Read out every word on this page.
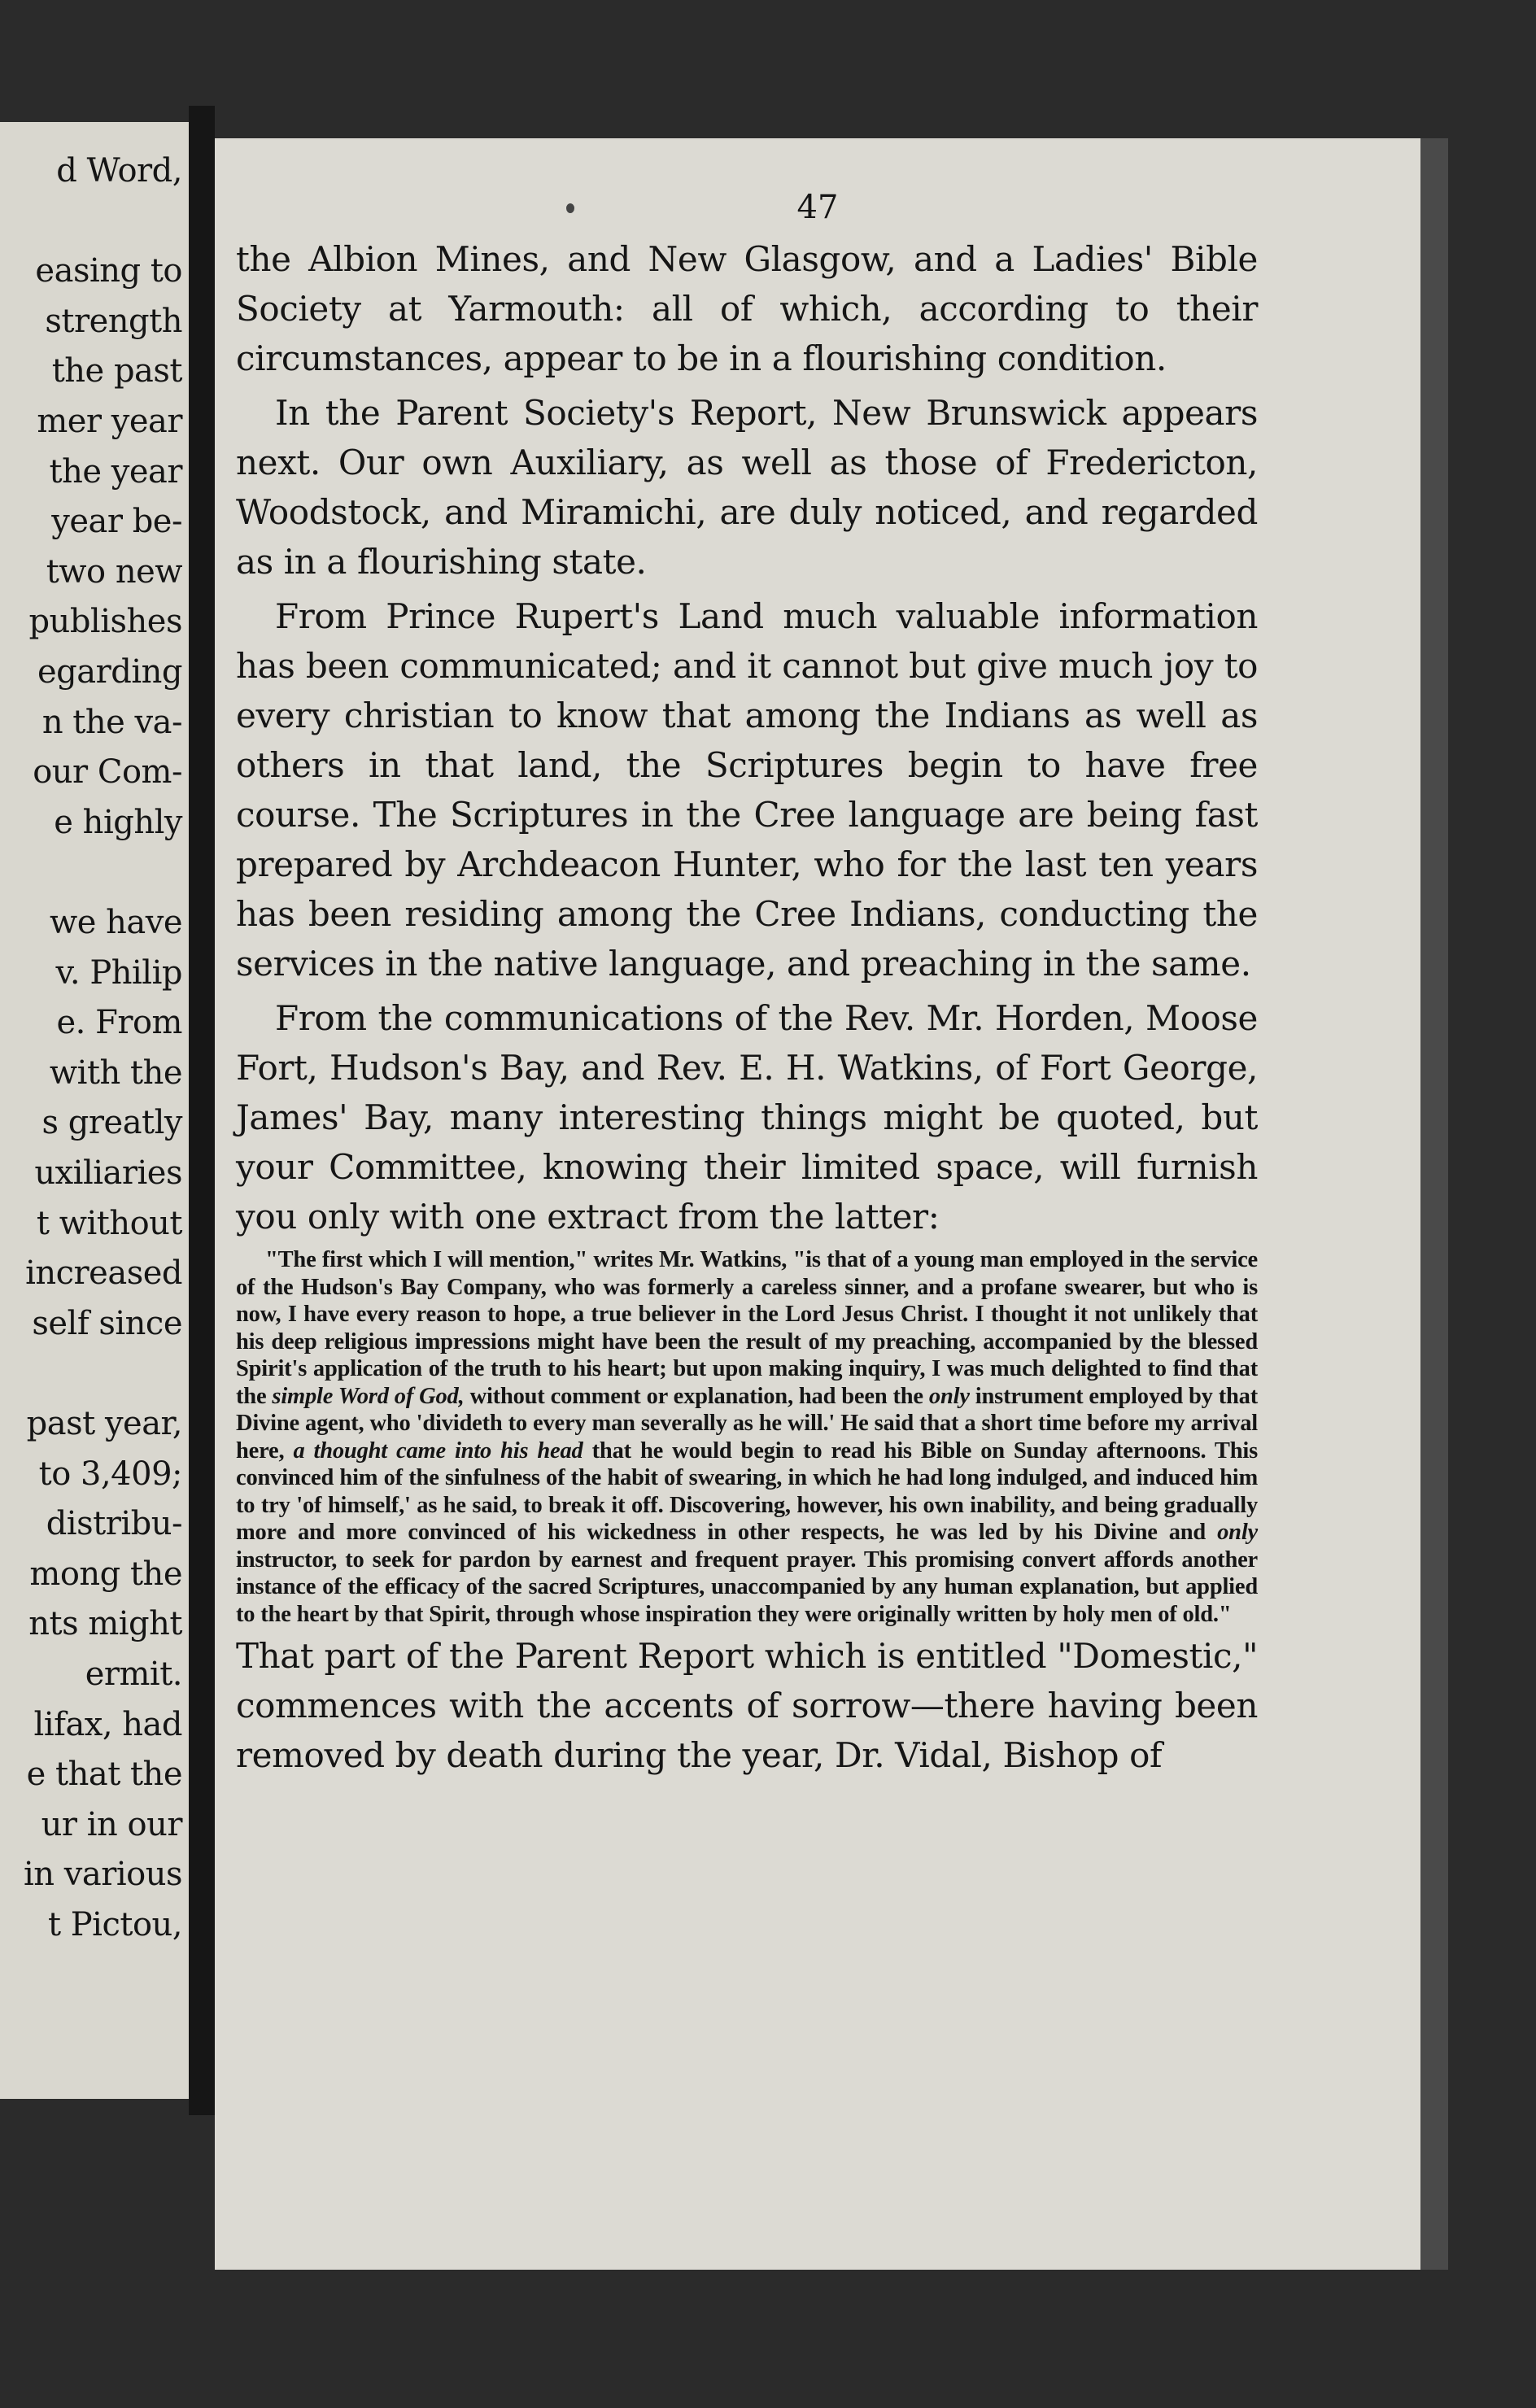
d Word,
easing to
strength
the past
mer year
the year
year be-
two new
publishes
egarding
n the va-
our Com-
e highly
we have
v. Philip
e. From
with the
s greatly
uxiliaries
t without
increased
self since
past year,
to 3,409;
distribu-
mong the
nts might
ermit.
lifax, had
e that the
ur in our
in various
t Pictou,
47

the Albion Mines, and New Glasgow, and a Ladies' Bible Society at Yarmouth: all of which, according to their circumstances, appear to be in a flourishing condition.

In the Parent Society's Report, New Brunswick appears next. Our own Auxiliary, as well as those of Fredericton, Woodstock, and Miramichi, are duly noticed, and regarded as in a flourishing state.

From Prince Rupert's Land much valuable information has been communicated; and it cannot but give much joy to every christian to know that among the Indians as well as others in that land, the Scriptures begin to have free course. The Scriptures in the Cree language are being fast prepared by Archdeacon Hunter, who for the last ten years has been residing among the Cree Indians, conducting the services in the native language, and preaching in the same.

From the communications of the Rev. Mr. Horden, Moose Fort, Hudson's Bay, and Rev. E. H. Watkins, of Fort George, James' Bay, many interesting things might be quoted, but your Committee, knowing their limited space, will furnish you only with one extract from the latter:

"The first which I will mention," writes Mr. Watkins, "is that of a young man employed in the service of the Hudson's Bay Company, who was formerly a careless sinner, and a profane swearer, but who is now, I have every reason to hope, a true believer in the Lord Jesus Christ. I thought it not unlikely that his deep religious impressions might have been the result of my preaching, accompanied by the blessed Spirit's application of the truth to his heart; but upon making inquiry, I was much delighted to find that the simple Word of God, without comment or explanation, had been the only instrument employed by that Divine agent, who 'divideth to every man severally as he will.' He said that a short time before my arrival here, a thought came into his head that he would begin to read his Bible on Sunday afternoons. This convinced him of the sinfulness of the habit of swearing, in which he had long indulged, and induced him to try 'of himself,' as he said, to break it off. Discovering, however, his own inability, and being gradually more and more convinced of his wickedness in other respects, he was led by his Divine and only instructor, to seek for pardon by earnest and frequent prayer. This promising convert affords another instance of the efficacy of the sacred Scriptures, unaccompanied by any human explanation, but applied to the heart by that Spirit, through whose inspiration they were originally written by holy men of old."

That part of the Parent Report which is entitled "Domestic," commences with the accents of sorrow—there having been removed by death during the year, Dr. Vidal, Bishop of
